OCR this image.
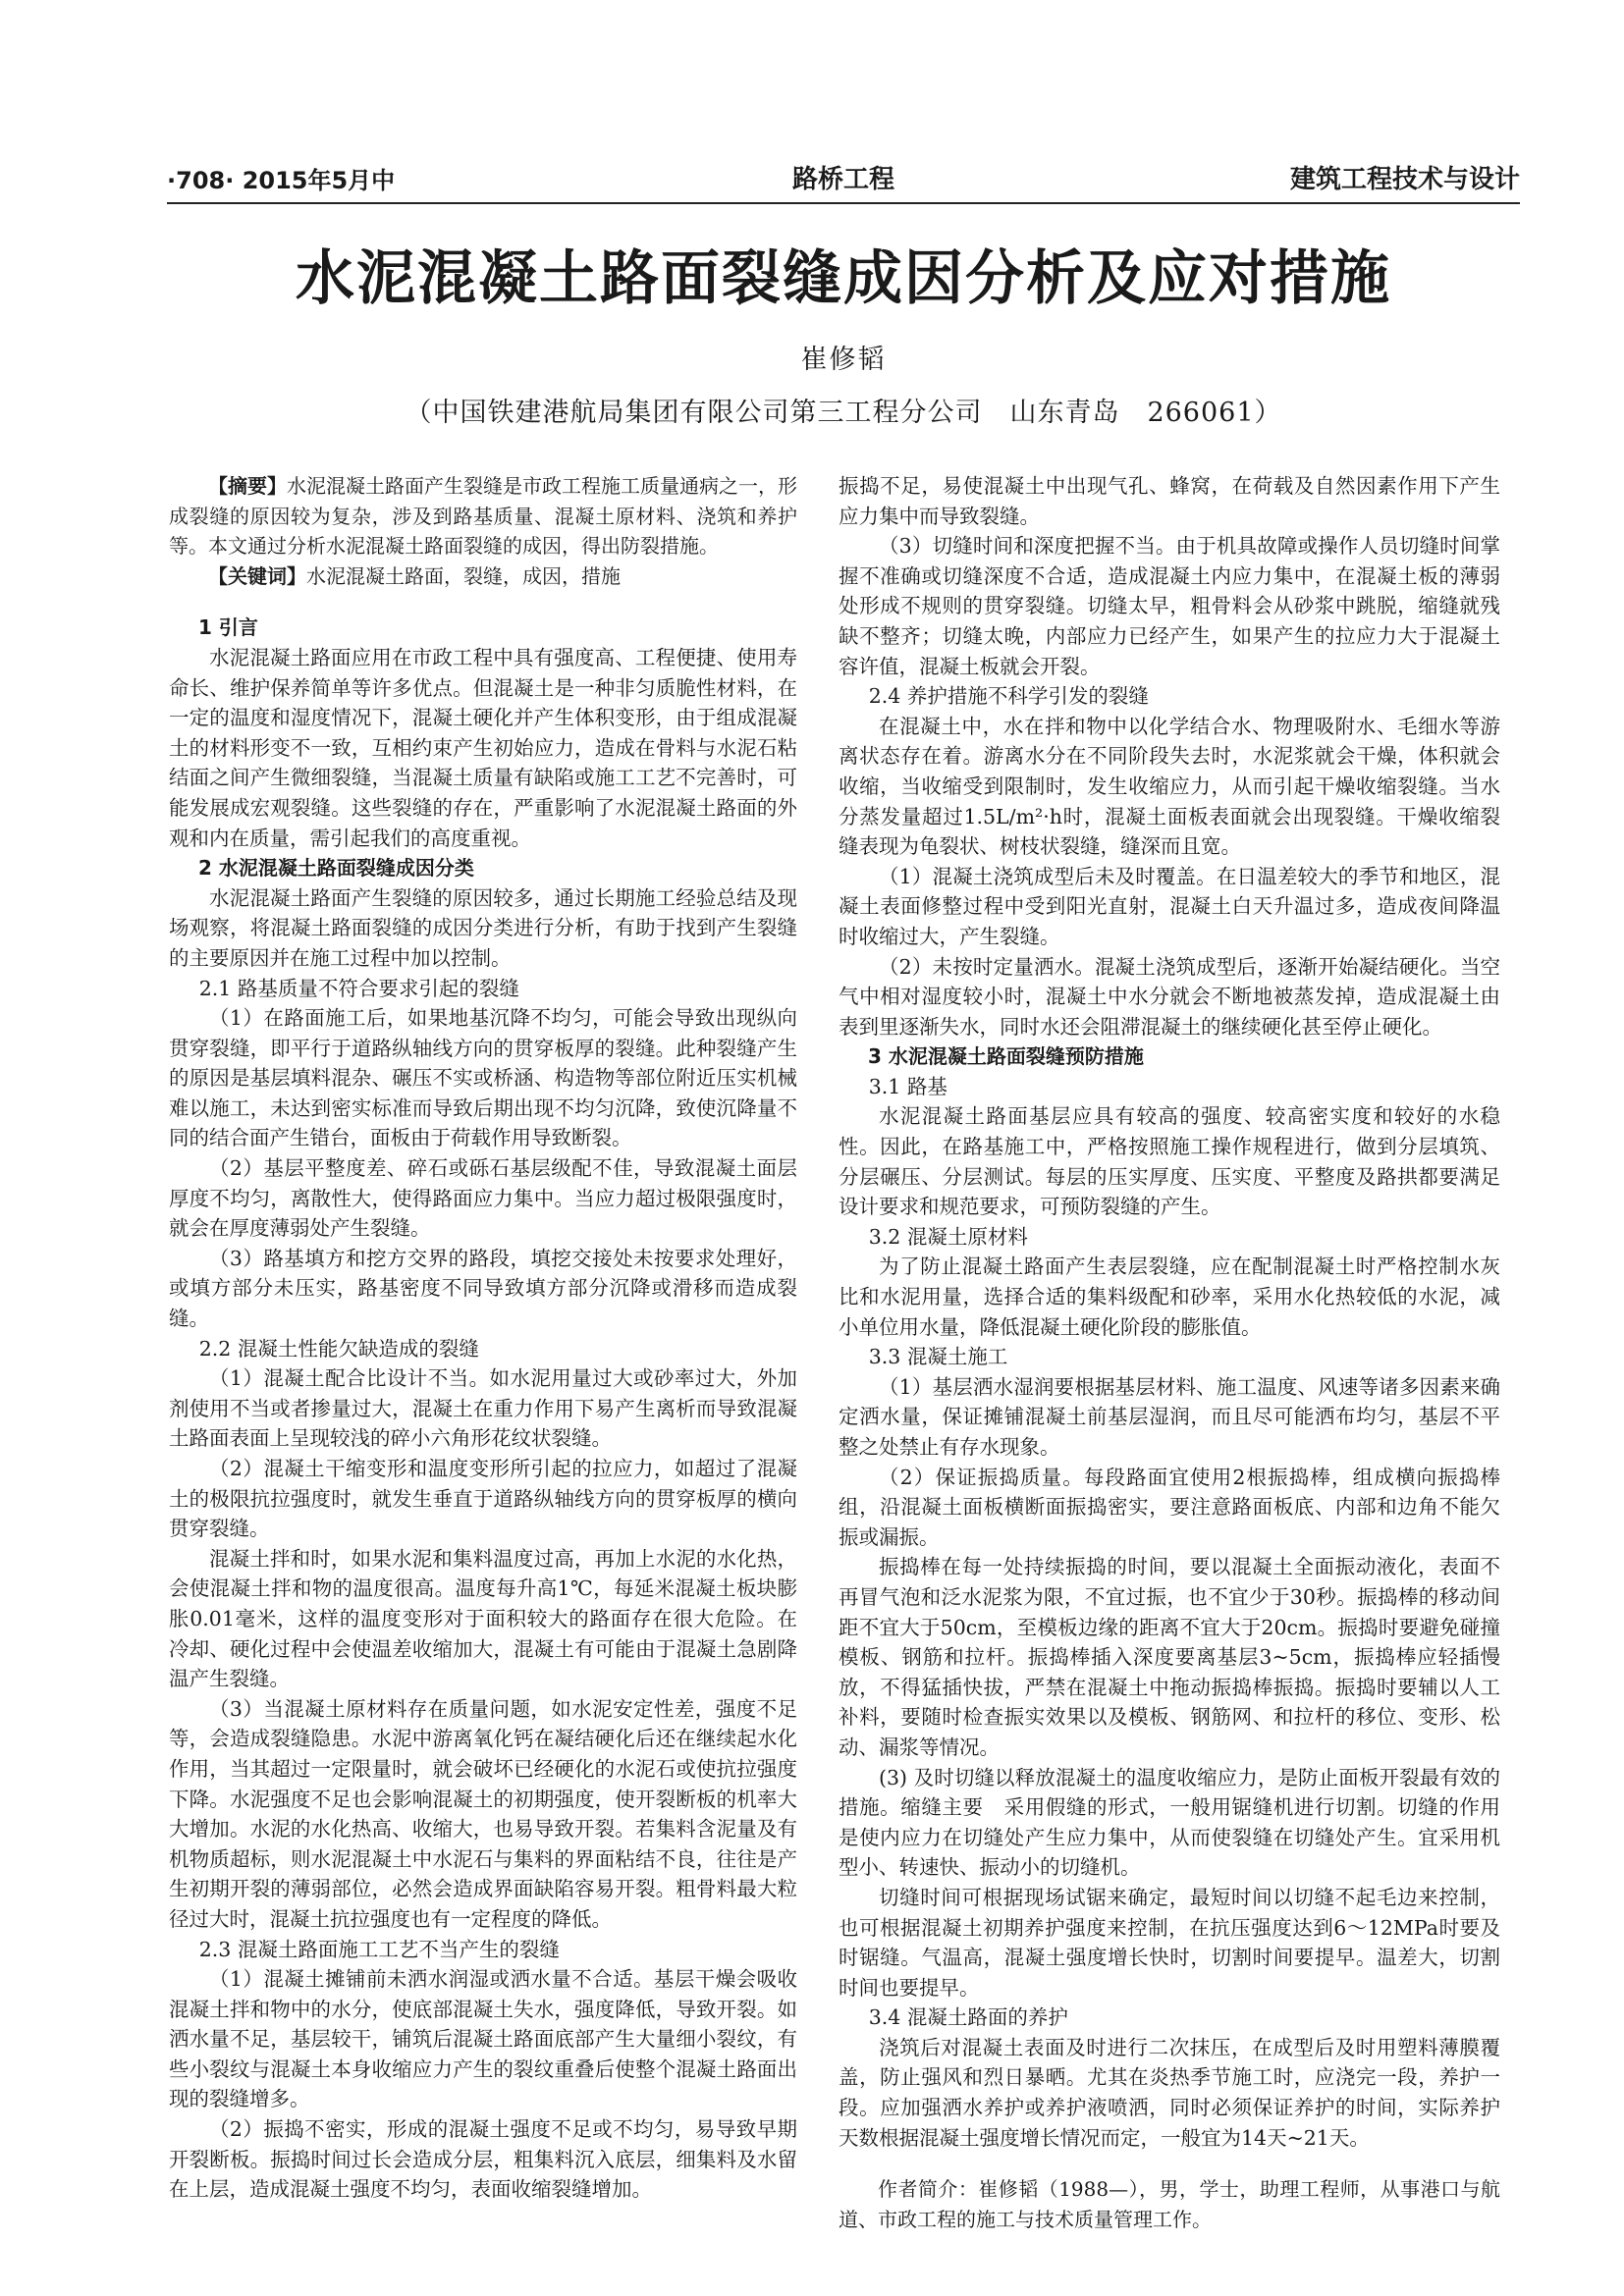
·708· 2015年5月中	路桥工程	建筑工程技术与设计
水泥混凝土路面裂缝成因分析及应对措施
崔修韬
（中国铁建港航局集团有限公司第三工程分公司　山东青岛　266061）

【摘要】水泥混凝土路面产生裂缝是市政工程施工质量通病之一，形成裂缝的原因较为复杂，涉及到路基质量、混凝土原材料、浇筑和养护等。本文通过分析水泥混凝土路面裂缝的成因，得出防裂措施。

【关键词】水泥混凝土路面，裂缝，成因，措施

1 引言

水泥混凝土路面应用在市政工程中具有强度高、工程便捷、使用寿命长、维护保养简单等许多优点。但混凝土是一种非匀质脆性材料，在一定的温度和湿度情况下，混凝土硬化并产生体积变形，由于组成混凝土的材料形变不一致，互相约束产生初始应力，造成在骨料与水泥石粘结面之间产生微细裂缝，当混凝土质量有缺陷或施工工艺不完善时，可能发展成宏观裂缝。这些裂缝的存在，严重影响了水泥混凝土路面的外观和内在质量，需引起我们的高度重视。

2 水泥混凝土路面裂缝成因分类

水泥混凝土路面产生裂缝的原因较多，通过长期施工经验总结及现场观察，将混凝土路面裂缝的成因分类进行分析，有助于找到产生裂缝的主要原因并在施工过程中加以控制。

2.1 路基质量不符合要求引起的裂缝

（1）在路面施工后，如果地基沉降不均匀，可能会导致出现纵向贯穿裂缝，即平行于道路纵轴线方向的贯穿板厚的裂缝。此种裂缝产生的原因是基层填料混杂、碾压不实或桥涵、构造物等部位附近压实机械难以施工，未达到密实标准而导致后期出现不均匀沉降，致使沉降量不同的结合面产生错台，面板由于荷载作用导致断裂。

（2）基层平整度差、碎石或砾石基层级配不佳，导致混凝土面层厚度不均匀，离散性大，使得路面应力集中。当应力超过极限强度时，就会在厚度薄弱处产生裂缝。

（3）路基填方和挖方交界的路段，填挖交接处未按要求处理好，或填方部分未压实，路基密度不同导致填方部分沉降或滑移而造成裂缝。

2.2 混凝土性能欠缺造成的裂缝

（1）混凝土配合比设计不当。如水泥用量过大或砂率过大，外加剂使用不当或者掺量过大，混凝土在重力作用下易产生离析而导致混凝土路面表面上呈现较浅的碎小六角形花纹状裂缝。

（2）混凝土干缩变形和温度变形所引起的拉应力，如超过了混凝土的极限抗拉强度时，就发生垂直于道路纵轴线方向的贯穿板厚的横向贯穿裂缝。

混凝土拌和时，如果水泥和集料温度过高，再加上水泥的水化热，会使混凝土拌和物的温度很高。温度每升高1℃，每延米混凝土板块膨胀0.01毫米，这样的温度变形对于面积较大的路面存在很大危险。在冷却、硬化过程中会使温差收缩加大，混凝土有可能由于混凝土急剧降温产生裂缝。

（3）当混凝土原材料存在质量问题，如水泥安定性差，强度不足等，会造成裂缝隐患。水泥中游离氧化钙在凝结硬化后还在继续起水化作用，当其超过一定限量时，就会破坏已经硬化的水泥石或使抗拉强度下降。水泥强度不足也会影响混凝土的初期强度，使开裂断板的机率大大增加。水泥的水化热高、收缩大，也易导致开裂。若集料含泥量及有机物质超标，则水泥混凝土中水泥石与集料的界面粘结不良，往往是产生初期开裂的薄弱部位，必然会造成界面缺陷容易开裂。粗骨料最大粒径过大时，混凝土抗拉强度也有一定程度的降低。

2.3 混凝土路面施工工艺不当产生的裂缝

（1）混凝土摊铺前未洒水润湿或洒水量不合适。基层干燥会吸收混凝土拌和物中的水分，使底部混凝土失水，强度降低，导致开裂。如洒水量不足，基层较干，铺筑后混凝土路面底部产生大量细小裂纹，有些小裂纹与混凝土本身收缩应力产生的裂纹重叠后使整个混凝土路面出现的裂缝增多。

（2）振捣不密实，形成的混凝土强度不足或不均匀，易导致早期开裂断板。振捣时间过长会造成分层，粗集料沉入底层，细集料及水留在上层，造成混凝土强度不均匀，表面收缩裂缝增加。

振捣不足，易使混凝土中出现气孔、蜂窝，在荷载及自然因素作用下产生应力集中而导致裂缝。

（3）切缝时间和深度把握不当。由于机具故障或操作人员切缝时间掌握不准确或切缝深度不合适，造成混凝土内应力集中，在混凝土板的薄弱处形成不规则的贯穿裂缝。切缝太早，粗骨料会从砂浆中跳脱，缩缝就残缺不整齐；切缝太晚，内部应力已经产生，如果产生的拉应力大于混凝土容许值，混凝土板就会开裂。

2.4 养护措施不科学引发的裂缝

在混凝土中，水在拌和物中以化学结合水、物理吸附水、毛细水等游离状态存在着。游离水分在不同阶段失去时，水泥浆就会干燥，体积就会收缩，当收缩受到限制时，发生收缩应力，从而引起干燥收缩裂缝。当水分蒸发量超过1.5L/m²·h时，混凝土面板表面就会出现裂缝。干燥收缩裂缝表现为龟裂状、树枝状裂缝，缝深而且宽。

（1）混凝土浇筑成型后未及时覆盖。在日温差较大的季节和地区，混凝土表面修整过程中受到阳光直射，混凝土白天升温过多，造成夜间降温时收缩过大，产生裂缝。

（2）未按时定量洒水。混凝土浇筑成型后，逐渐开始凝结硬化。当空气中相对湿度较小时，混凝土中水分就会不断地被蒸发掉，造成混凝土由表到里逐渐失水，同时水还会阻滞混凝土的继续硬化甚至停止硬化。

3 水泥混凝土路面裂缝预防措施

3.1 路基

水泥混凝土路面基层应具有较高的强度、较高密实度和较好的水稳性。因此，在路基施工中，严格按照施工操作规程进行，做到分层填筑、分层碾压、分层测试。每层的压实厚度、压实度、平整度及路拱都要满足设计要求和规范要求，可预防裂缝的产生。

3.2 混凝土原材料

为了防止混凝土路面产生表层裂缝，应在配制混凝土时严格控制水灰比和水泥用量，选择合适的集料级配和砂率，采用水化热较低的水泥，减小单位用水量，降低混凝土硬化阶段的膨胀值。

3.3 混凝土施工

（1）基层洒水湿润要根据基层材料、施工温度、风速等诸多因素来确定洒水量，保证摊铺混凝土前基层湿润，而且尽可能洒布均匀，基层不平整之处禁止有存水现象。

（2）保证振捣质量。每段路面宜使用2根振捣棒，组成横向振捣棒组，沿混凝土面板横断面振捣密实，要注意路面板底、内部和边角不能欠振或漏振。

振捣棒在每一处持续振捣的时间，要以混凝土全面振动液化，表面不再冒气泡和泛水泥浆为限，不宜过振，也不宜少于30秒。振捣棒的移动间距不宜大于50cm，至模板边缘的距离不宜大于20cm。振捣时要避免碰撞模板、钢筋和拉杆。振捣棒插入深度要离基层3~5cm，振捣棒应轻插慢放，不得猛插快拔，严禁在混凝土中拖动振捣棒振捣。振捣时要辅以人工补料，要随时检查振实效果以及模板、钢筋网、和拉杆的移位、变形、松动、漏浆等情况。

(3) 及时切缝以释放混凝土的温度收缩应力，是防止面板开裂最有效的措施。缩缝主要　采用假缝的形式，一般用锯缝机进行切割。切缝的作用是使内应力在切缝处产生应力集中，从而使裂缝在切缝处产生。宜采用机型小、转速快、振动小的切缝机。

切缝时间可根据现场试锯来确定，最短时间以切缝不起毛边来控制，也可根据混凝土初期养护强度来控制，在抗压强度达到6～12MPa时要及时锯缝。气温高，混凝土强度增长快时，切割时间要提早。温差大，切割时间也要提早。

3.4 混凝土路面的养护

浇筑后对混凝土表面及时进行二次抹压，在成型后及时用塑料薄膜覆盖，防止强风和烈日暴晒。尤其在炎热季节施工时，应浇完一段，养护一段。应加强洒水养护或养护液喷洒，同时必须保证养护的时间，实际养护天数根据混凝土强度增长情况而定，一般宜为14天~21天。

作者简介：崔修韬（1988—），男，学士，助理工程师，从事港口与航道、市政工程的施工与技术质量管理工作。
